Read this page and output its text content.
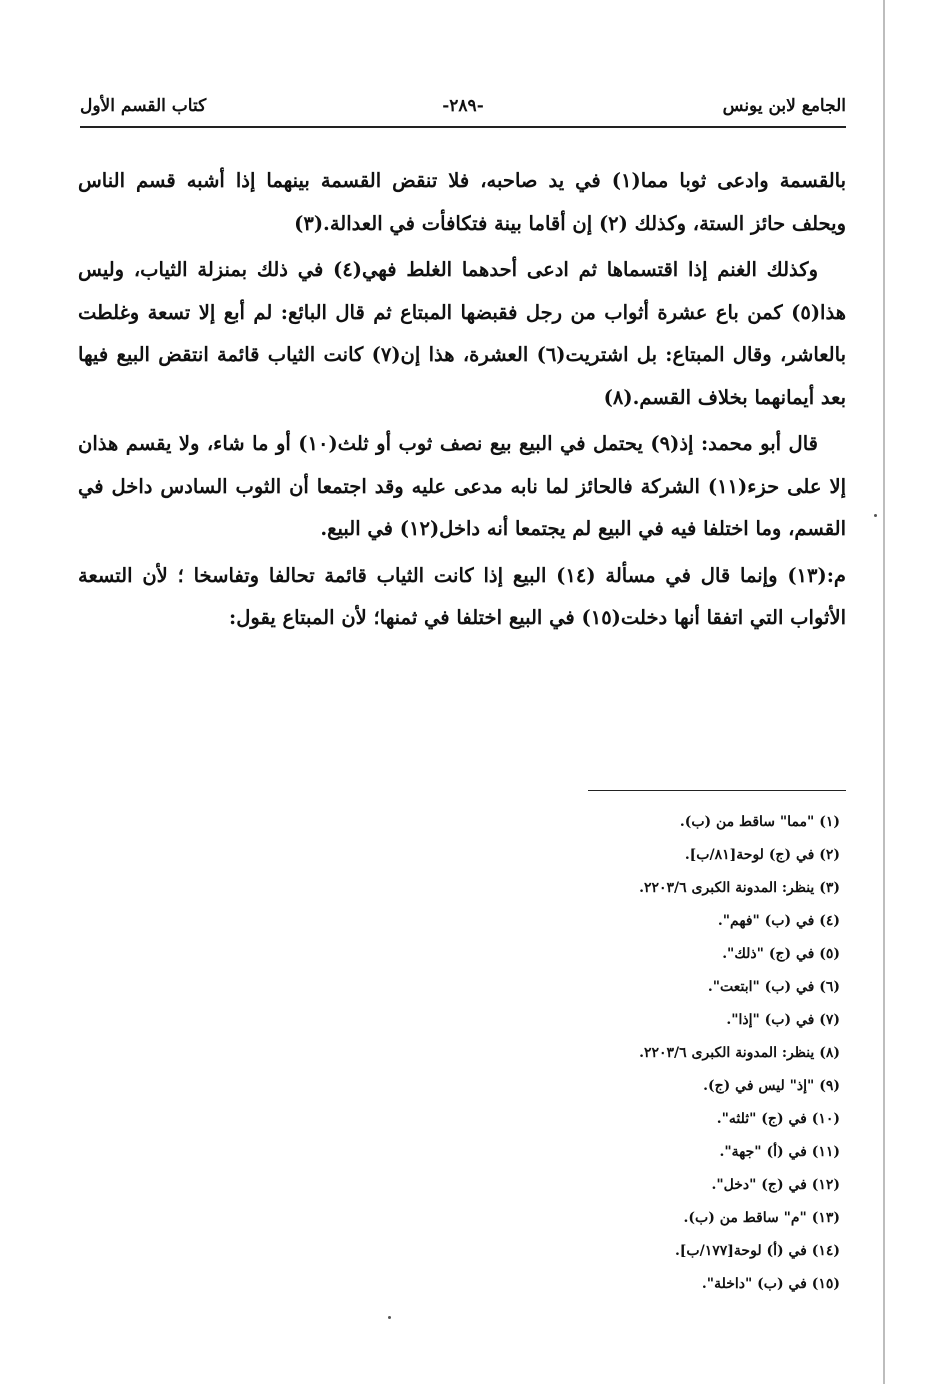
الجامع لابن يونس
-٢٨٩-
كتاب القسم الأول

بالقسمة وادعى ثوبا مما(١) في يد صاحبه، فلا تنقض القسمة بينهما إذا أشبه قسم الناس ويحلف حائز الستة، وكذلك (٢) إن أقاما بينة فتكافأت في العدالة.(٣)

وكذلك الغنم إذا اقتسماها ثم ادعى أحدهما الغلط فهي(٤) في ذلك بمنزلة الثياب، وليس هذا(٥) كمن باع عشرة أثواب من رجل فقبضها المبتاع ثم قال البائع: لم أبع إلا تسعة وغلطت بالعاشر، وقال المبتاع: بل اشتريت(٦) العشرة، هذا إن(٧) كانت الثياب قائمة انتقض البيع فيها بعد أيمانهما بخلاف القسم.(٨)

قال أبو محمد: إذ(٩) يحتمل في البيع بيع نصف ثوب أو ثلث(١٠) أو ما شاء، ولا يقسم هذان إلا على حزء(١١) الشركة فالحائز لما نابه مدعى عليه وقد اجتمعا أن الثوب السادس داخل في القسم، وما اختلفا فيه في البيع لم يجتمعا أنه داخل(١٢) في البيع.

م:(١٣) وإنما قال في مسألة (١٤) البيع إذا كانت الثياب قائمة تحالفا وتفاسخا ؛ لأن التسعة الأثواب التي اتفقا أنها دخلت(١٥) في البيع اختلفا في ثمنها؛ لأن المبتاع يقول:

(١) "مما" ساقط من (ب).
(٢) في (ج) لوحة[٨١/ب].
(٣) ينظر: المدونة الكبرى ٢٢٠٣/٦.
(٤) في (ب) "فهم".
(٥) في (ج) "ذلك".
(٦) في (ب) "ابتعت".
(٧) في (ب) "إذا".
(٨) ينظر: المدونة الكبرى ٢٢٠٣/٦.
(٩) "إذ" ليس في (ج).
(١٠) في (ج) "ثلثه".
(١١) في (أ) "جهة".
(١٢) في (ج) "دخل".
(١٣) "م" ساقط من (ب).
(١٤) في (أ) لوحة[١٧٧/ب].
(١٥) في (ب) "داخلة".
